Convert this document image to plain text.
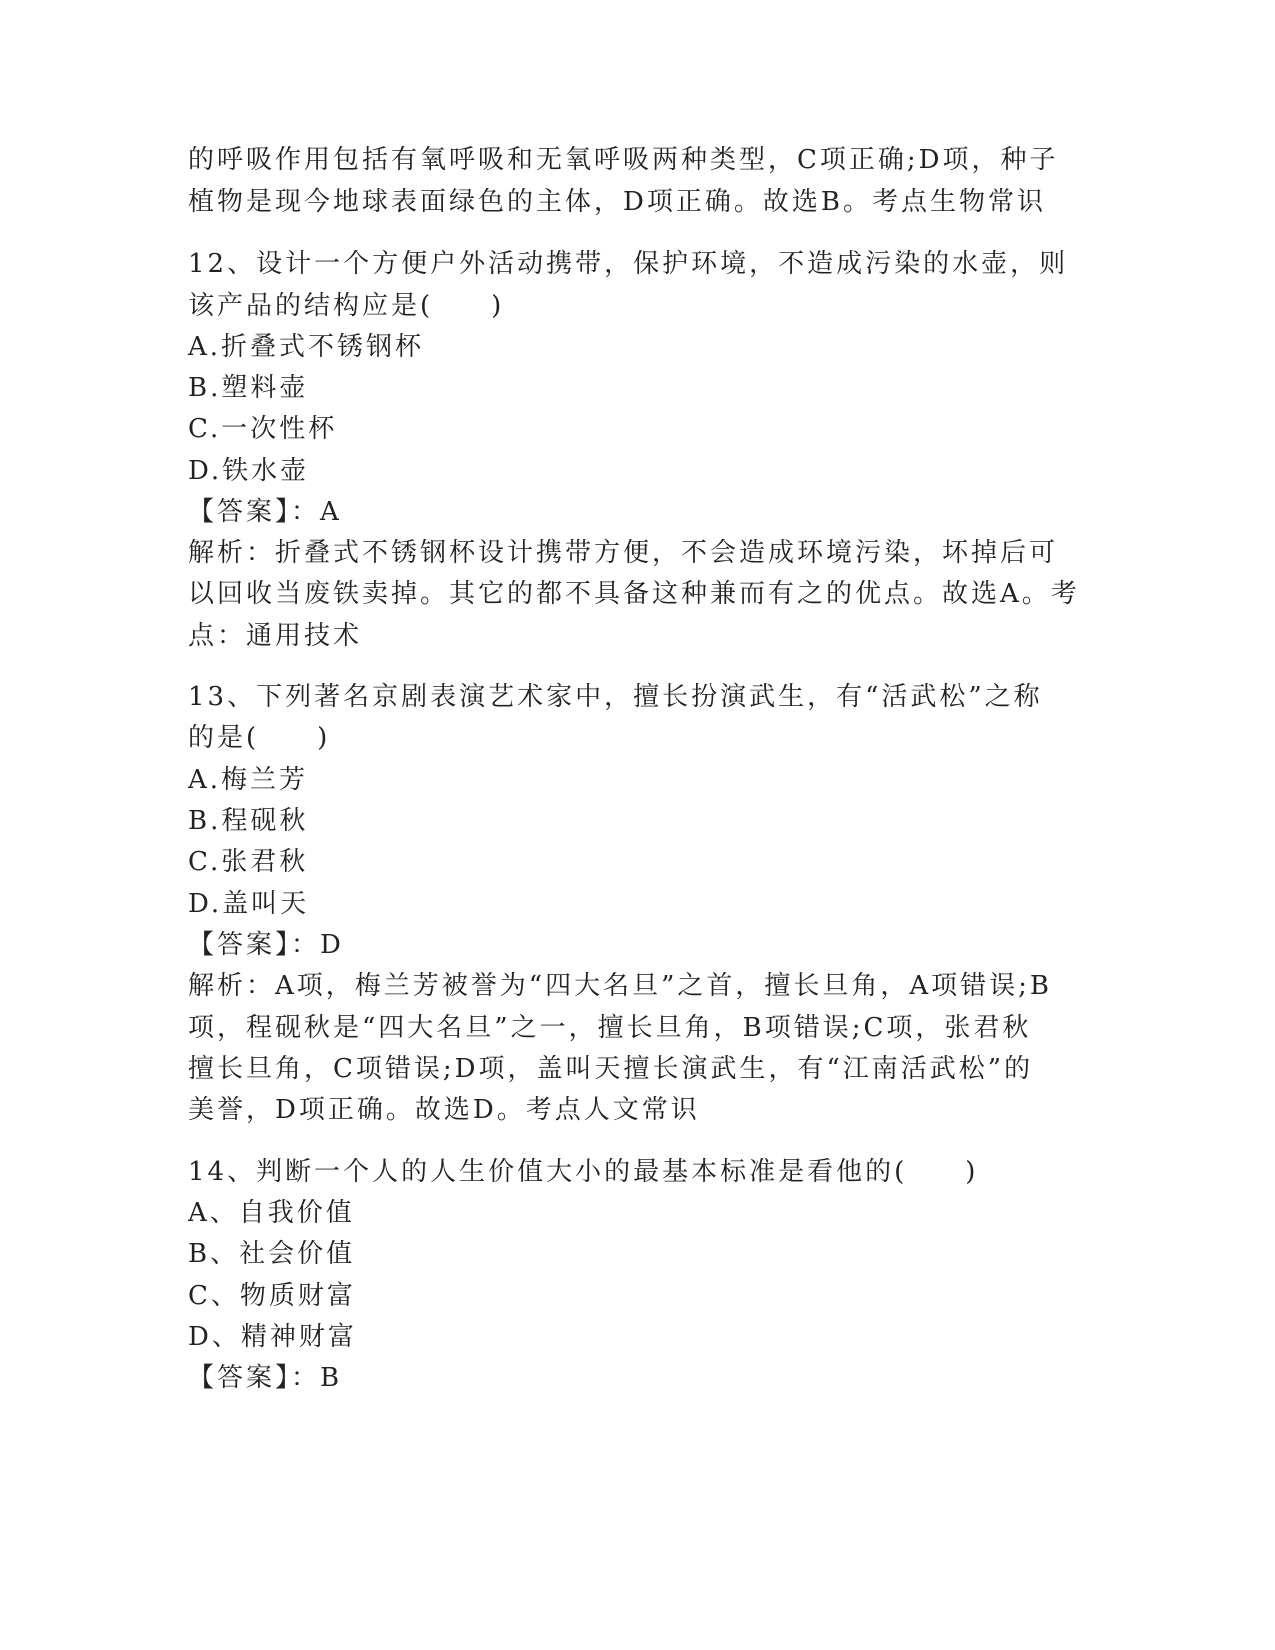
的呼吸作用包括有氧呼吸和无氧呼吸两种类型，C项正确;D项，种子
植物是现今地球表面绿色的主体，D项正确。故选B。考点生物常识
12、设计一个方便户外活动携带，保护环境，不造成污染的水壶，则
该产品的结构应是(　　)
A.折叠式不锈钢杯
B.塑料壶
C.一次性杯
D.铁水壶
【答案】：A
解析：折叠式不锈钢杯设计携带方便，不会造成环境污染，坏掉后可
以回收当废铁卖掉。其它的都不具备这种兼而有之的优点。故选A。考
点：通用技术
13、下列著名京剧表演艺术家中，擅长扮演武生，有“活武松”之称
的是(　　)
A.梅兰芳
B.程砚秋
C.张君秋
D.盖叫天
【答案】：D
解析：A项，梅兰芳被誉为“四大名旦”之首，擅长旦角，A项错误;B
项，程砚秋是“四大名旦”之一，擅长旦角，B项错误;C项，张君秋
擅长旦角，C项错误;D项，盖叫天擅长演武生，有“江南活武松”的
美誉，D项正确。故选D。考点人文常识
14、判断一个人的人生价值大小的最基本标准是看他的(　　)
A、自我价值
B、社会价值
C、物质财富
D、精神财富
【答案】：B
